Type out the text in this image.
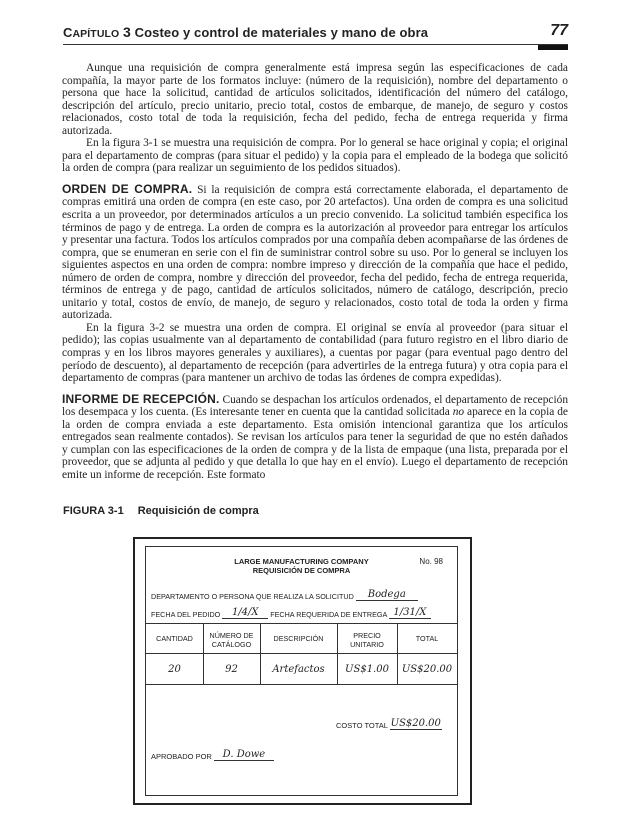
CAPÍTULO 3 Costeo y control de materiales y mano de obra	77

Aunque una requisición de compra generalmente está impresa según las especificaciones de cada compañía, la mayor parte de los formatos incluye: (número de la requisición), nombre del departamento o persona que hace la solicitud, cantidad de artículos solicitados, identificación del número del catálogo, descripción del artículo, precio unitario, precio total, costos de embarque, de manejo, de seguro y costos relacionados, costo total de toda la requisición, fecha del pedido, fecha de entrega requerida y firma autorizada.

En la figura 3-1 se muestra una requisición de compra. Por lo general se hace original y copia; el original para el departamento de compras (para situar el pedido) y la copia para el empleado de la bodega que solicitó la orden de compra (para realizar un seguimiento de los pedidos situados).

ORDEN DE COMPRA. Si la requisición de compra está correctamente elaborada, el departamento de compras emitirá una orden de compra (en este caso, por 20 artefactos). Una orden de compra es una solicitud escrita a un proveedor, por determinados artículos a un precio convenido. La solicitud también especifica los términos de pago y de entrega. La orden de compra es la autorización al proveedor para entregar los artículos y presentar una factura. Todos los artículos comprados por una compañía deben acompañarse de las órdenes de compra, que se enumeran en serie con el fin de suministrar control sobre su uso. Por lo general se incluyen los siguientes aspectos en una orden de compra: nombre impreso y dirección de la compañía que hace el pedido, número de orden de compra, nombre y dirección del proveedor, fecha del pedido, fecha de entrega requerida, términos de entrega y de pago, cantidad de artículos solicitados, número de catálogo, descripción, precio unitario y total, costos de envío, de manejo, de seguro y relacionados, costo total de toda la orden y firma autorizada.

En la figura 3-2 se muestra una orden de compra. El original se envía al proveedor (para situar el pedido); las copias usualmente van al departamento de contabilidad (para futuro registro en el libro diario de compras y en los libros mayores generales y auxiliares), a cuentas por pagar (para eventual pago dentro del período de descuento), al departamento de recepción (para advertirles de la entrega futura) y otra copia para el departamento de compras (para mantener un archivo de todas las órdenes de compra expedidas).

INFORME DE RECEPCIÓN. Cuando se despachan los artículos ordenados, el departamento de recepción los desempaca y los cuenta. (Es interesante tener en cuenta que la cantidad solicitada no aparece en la copia de la orden de compra enviada a este departamento. Esta omisión intencional garantiza que los artículos entregados sean realmente contados). Se revisan los artículos para tener la seguridad de que no estén dañados y cumplan con las especificaciones de la orden de compra y de la lista de empaque (una lista, preparada por el proveedor, que se adjunta al pedido y que detalla lo que hay en el envío). Luego el departamento de recepción emite un informe de recepción. Este formato

FIGURA 3-1 Requisición de compra
LARGE MANUFACTURING COMPANY
REQUISICIÓN DE COMPRA
No. 98
DEPARTAMENTO O PERSONA QUE REALIZA LA SOLICITUD Bodega
FECHA DEL PEDIDO 1/4/X FECHA REQUERIDA DE ENTREGA 1/31/X
CANTIDAD
20
NÚMERO DE CATÁLOGO
92
DESCRIPCIÓN
Artefactos
PRECIO UNITARIO
US$1.00
TOTAL
US$20.00
COSTO TOTAL US$20.00
APROBADO POR D. Dowe
